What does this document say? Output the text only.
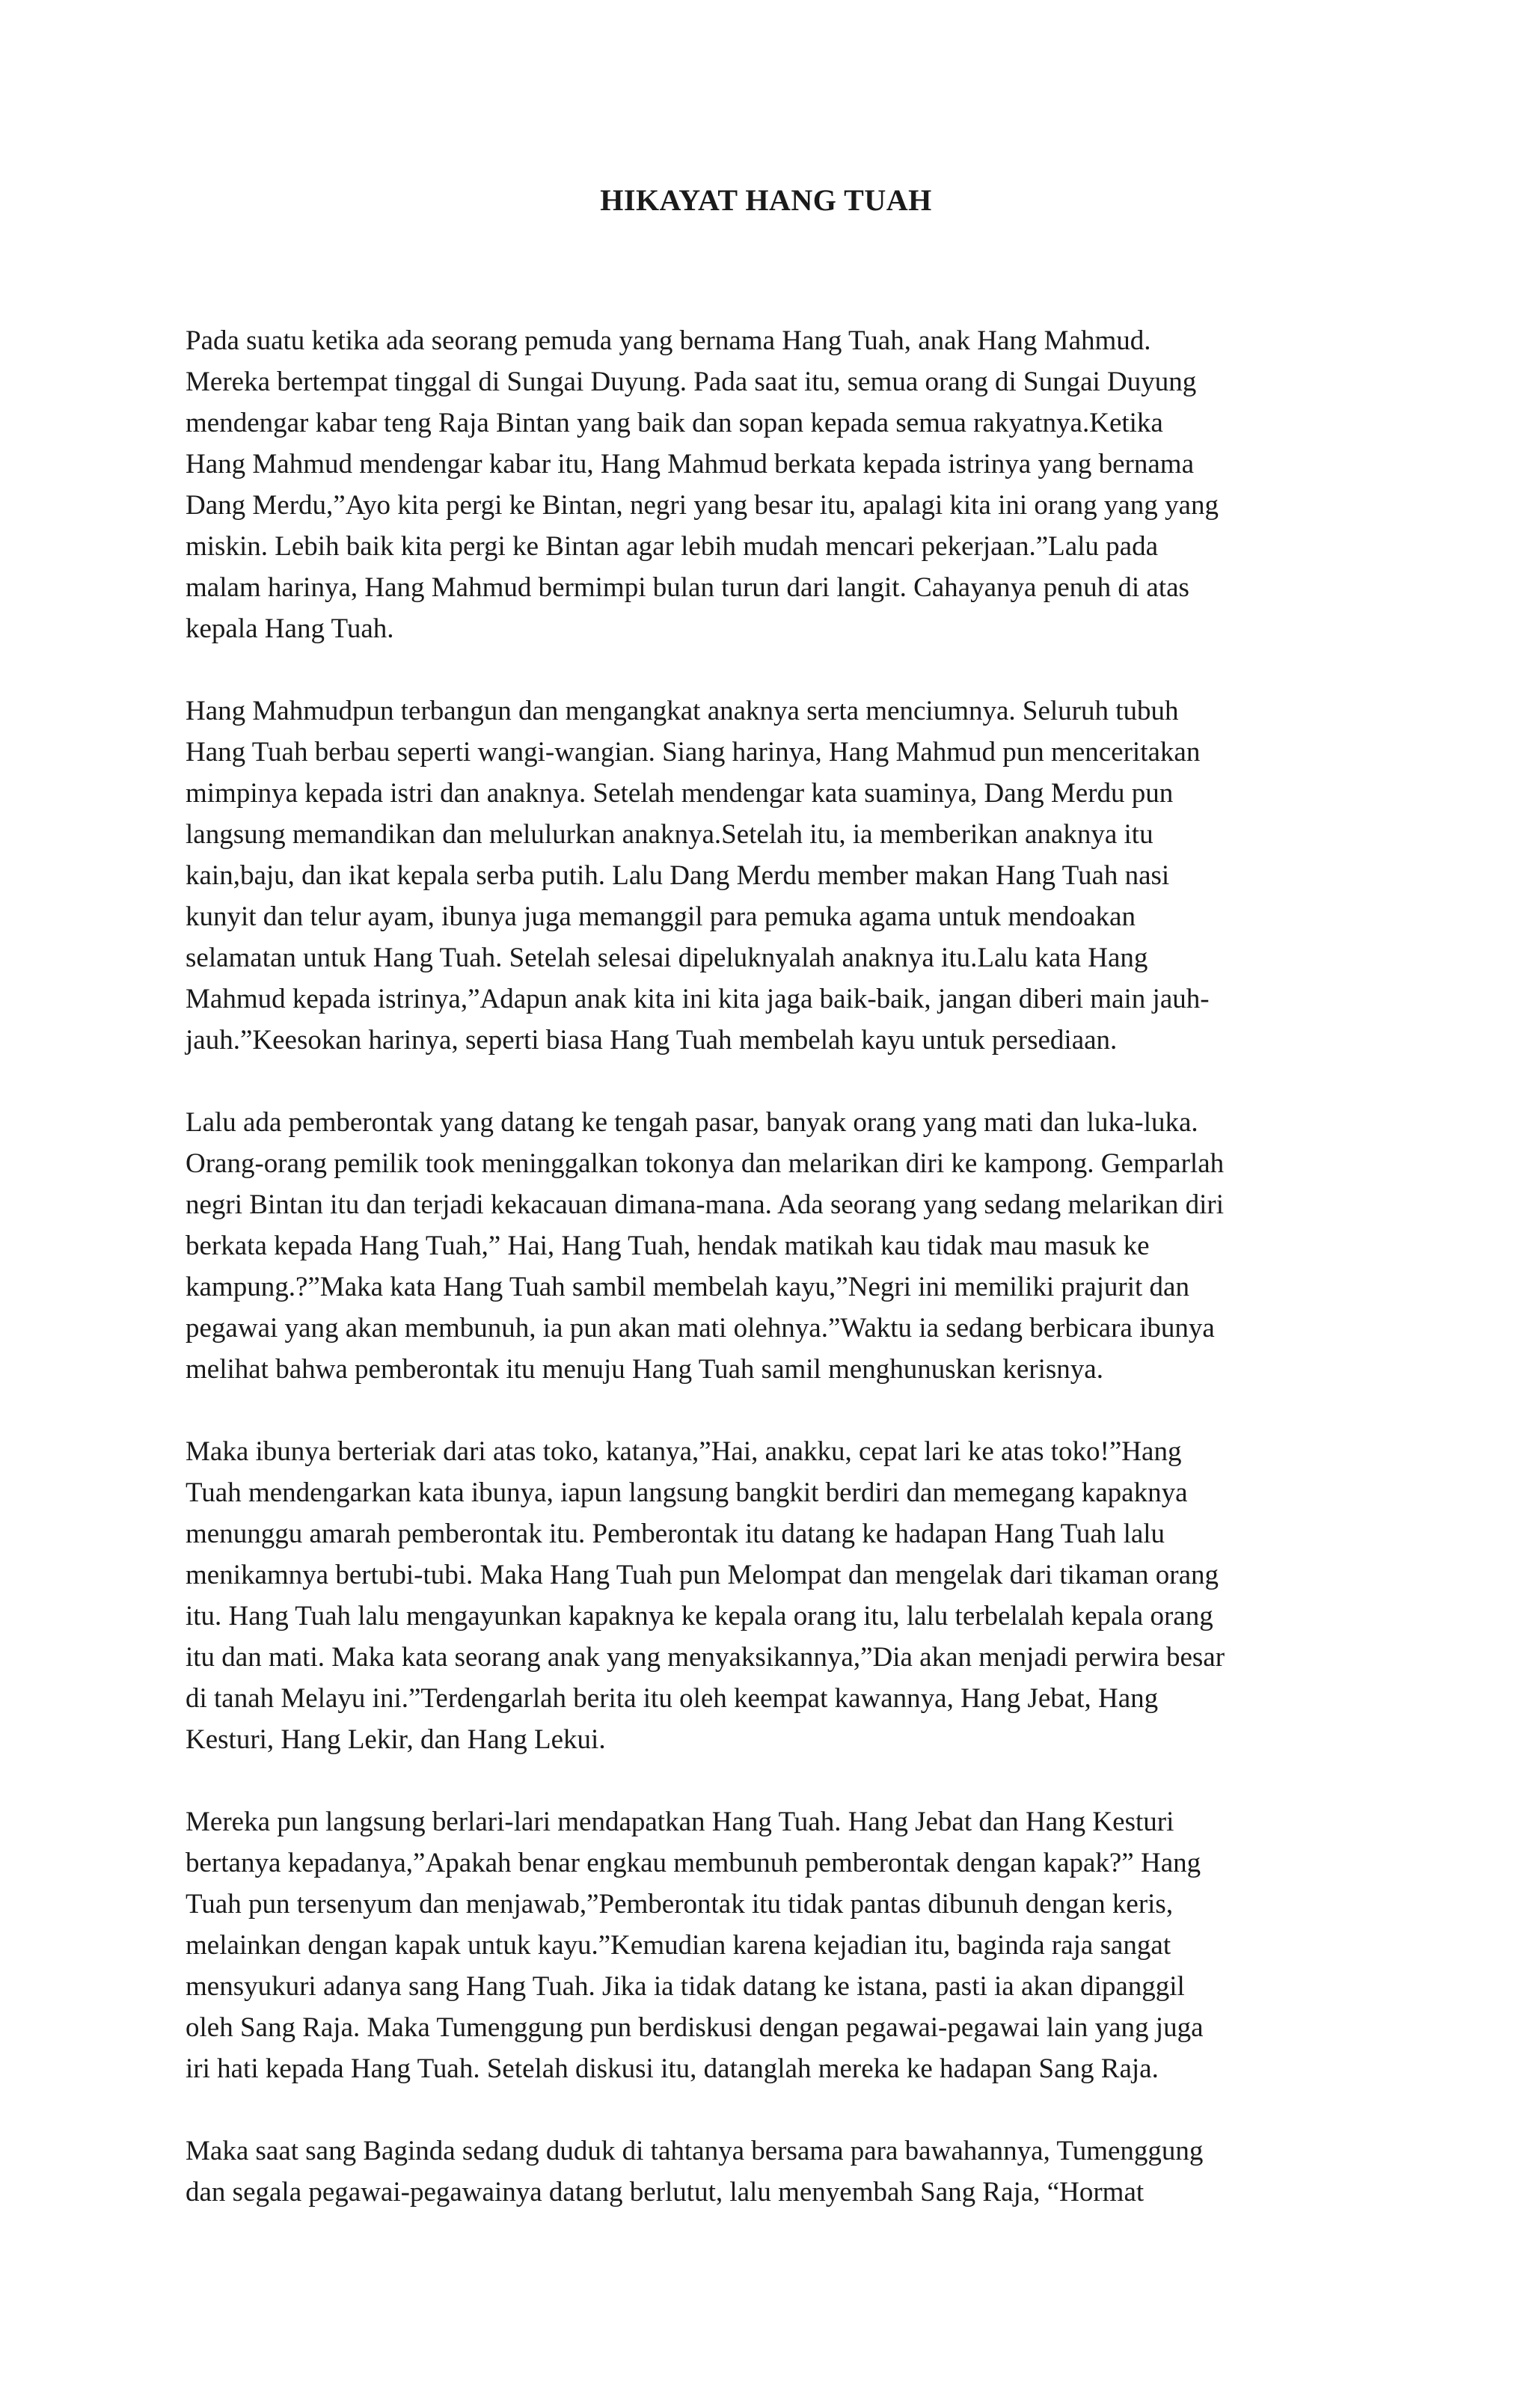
HIKAYAT HANG TUAH
Pada suatu ketika ada seorang pemuda yang bernama Hang Tuah, anak Hang Mahmud.
Mereka bertempat tinggal di Sungai Duyung. Pada saat itu, semua orang di Sungai Duyung
mendengar kabar teng Raja Bintan yang baik dan sopan kepada semua rakyatnya.Ketika
Hang Mahmud mendengar kabar itu, Hang Mahmud berkata kepada istrinya yang bernama
Dang Merdu,”Ayo kita pergi ke Bintan, negri yang besar itu, apalagi kita ini orang yang yang
miskin. Lebih baik kita pergi ke Bintan agar lebih mudah mencari pekerjaan.”Lalu pada
malam harinya, Hang Mahmud bermimpi bulan turun dari langit. Cahayanya penuh di atas
kepala Hang Tuah.
Hang Mahmudpun terbangun dan mengangkat anaknya serta menciumnya. Seluruh tubuh
Hang Tuah berbau seperti wangi-wangian. Siang harinya, Hang Mahmud pun menceritakan
mimpinya kepada istri dan anaknya. Setelah mendengar kata suaminya, Dang Merdu pun
langsung memandikan dan melulurkan anaknya.Setelah itu, ia memberikan anaknya itu
kain,baju, dan ikat kepala serba putih. Lalu Dang Merdu member makan Hang Tuah nasi
kunyit dan telur ayam, ibunya juga memanggil para pemuka agama untuk mendoakan
selamatan untuk Hang Tuah. Setelah selesai dipeluknyalah anaknya itu.Lalu kata Hang
Mahmud kepada istrinya,”Adapun anak kita ini kita jaga baik-baik, jangan diberi main jauh-
jauh.”Keesokan harinya, seperti biasa Hang Tuah membelah kayu untuk persediaan.
Lalu ada pemberontak yang datang ke tengah pasar, banyak orang yang mati dan luka-luka.
Orang-orang pemilik took meninggalkan tokonya dan melarikan diri ke kampong. Gemparlah
negri Bintan itu dan terjadi kekacauan dimana-mana. Ada seorang yang sedang melarikan diri
berkata kepada Hang Tuah,” Hai, Hang Tuah, hendak matikah kau tidak mau masuk ke
kampung.?”Maka kata Hang Tuah sambil membelah kayu,”Negri ini memiliki prajurit dan
pegawai yang akan membunuh, ia pun akan mati olehnya.”Waktu ia sedang berbicara ibunya
melihat bahwa pemberontak itu menuju Hang Tuah samil menghunuskan kerisnya.
Maka ibunya berteriak dari atas toko, katanya,”Hai, anakku, cepat lari ke atas toko!”Hang
Tuah mendengarkan kata ibunya, iapun langsung bangkit berdiri dan memegang kapaknya
menunggu amarah pemberontak itu. Pemberontak itu datang ke hadapan Hang Tuah lalu
menikamnya bertubi-tubi. Maka Hang Tuah pun Melompat dan mengelak dari tikaman orang
itu. Hang Tuah lalu mengayunkan kapaknya ke kepala orang itu, lalu terbelalah kepala orang
itu dan mati. Maka kata seorang anak yang menyaksikannya,”Dia akan menjadi perwira besar
di tanah Melayu ini.”Terdengarlah berita itu oleh keempat kawannya, Hang Jebat, Hang
Kesturi, Hang Lekir, dan Hang Lekui.
Mereka pun langsung berlari-lari mendapatkan Hang Tuah. Hang Jebat dan Hang Kesturi
bertanya kepadanya,”Apakah benar engkau membunuh pemberontak dengan kapak?” Hang
Tuah pun tersenyum dan menjawab,”Pemberontak itu tidak pantas dibunuh dengan keris,
melainkan dengan kapak untuk kayu.”Kemudian karena kejadian itu, baginda raja sangat
mensyukuri adanya sang Hang Tuah. Jika ia tidak datang ke istana, pasti ia akan dipanggil
oleh Sang Raja. Maka Tumenggung pun berdiskusi dengan pegawai-pegawai lain yang juga
iri hati kepada Hang Tuah. Setelah diskusi itu, datanglah mereka ke hadapan Sang Raja.
Maka saat sang Baginda sedang duduk di tahtanya bersama para bawahannya, Tumenggung
dan segala pegawai-pegawainya datang berlutut, lalu menyembah Sang Raja, “Hormat
